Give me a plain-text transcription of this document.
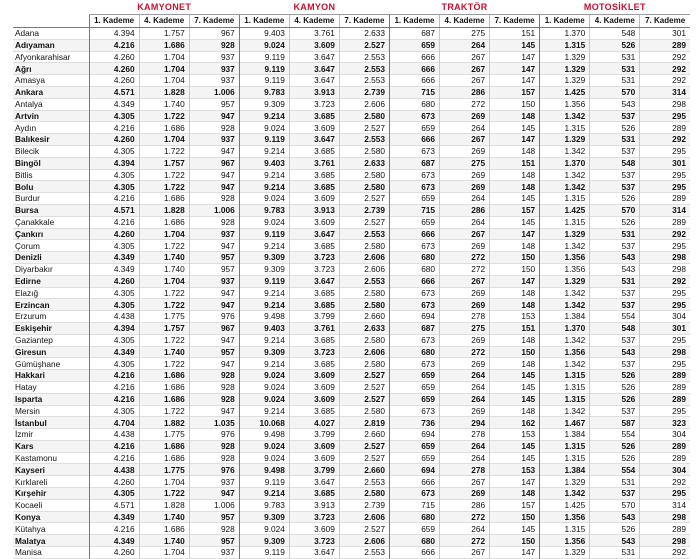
	KAMYONET			KAMYON			TRAKTÖR			MOTOSİKLET		
	1. Kademe	4. Kademe	7. Kademe	1. Kademe	4. Kademe	7. Kademe	1. Kademe	4. Kademe	7. Kademe	1. Kademe	4. Kademe	7. Kademe
Adana	4.394	1.757	967	9.403	3.761	2.633	687	275	151	1.370	548	301
Adıyaman	4.216	1.686	928	9.024	3.609	2.527	659	264	145	1.315	526	289
Afyonkarahisar	4.260	1.704	937	9.119	3.647	2.553	666	267	147	1.329	531	292
Ağrı	4.260	1.704	937	9.119	3.647	2.553	666	267	147	1.329	531	292
Amasya	4.260	1.704	937	9.119	3.647	2.553	666	267	147	1.329	531	292
Ankara	4.571	1.828	1.006	9.783	3.913	2.739	715	286	157	1.425	570	314
Antalya	4.349	1.740	957	9.309	3.723	2.606	680	272	150	1.356	543	298
Artvin	4.305	1.722	947	9.214	3.685	2.580	673	269	148	1.342	537	295
Aydın	4.216	1.686	928	9.024	3.609	2.527	659	264	145	1.315	526	289
Balıkesir	4.260	1.704	937	9.119	3.647	2.553	666	267	147	1.329	531	292
Bilecik	4.305	1.722	947	9.214	3.685	2.580	673	269	148	1.342	537	295
Bingöl	4.394	1.757	967	9.403	3.761	2.633	687	275	151	1.370	548	301
Bitlis	4.305	1.722	947	9.214	3.685	2.580	673	269	148	1.342	537	295
Bolu	4.305	1.722	947	9.214	3.685	2.580	673	269	148	1.342	537	295
Burdur	4.216	1.686	928	9.024	3.609	2.527	659	264	145	1.315	526	289
Bursa	4.571	1.828	1.006	9.783	3.913	2.739	715	286	157	1.425	570	314
Çanakkale	4.216	1.686	928	9.024	3.609	2.527	659	264	145	1.315	526	289
Çankırı	4.260	1.704	937	9.119	3.647	2.553	666	267	147	1.329	531	292
Çorum	4.305	1.722	947	9.214	3.685	2.580	673	269	148	1.342	537	295
Denizli	4.349	1.740	957	9.309	3.723	2.606	680	272	150	1.356	543	298
Diyarbakır	4.349	1.740	957	9.309	3.723	2.606	680	272	150	1.356	543	298
Edirne	4.260	1.704	937	9.119	3.647	2.553	666	267	147	1.329	531	292
Elazığ	4.305	1.722	947	9.214	3.685	2.580	673	269	148	1.342	537	295
Erzincan	4.305	1.722	947	9.214	3.685	2.580	673	269	148	1.342	537	295
Erzurum	4.438	1.775	976	9.498	3.799	2.660	694	278	153	1.384	554	304
Eskişehir	4.394	1.757	967	9.403	3.761	2.633	687	275	151	1.370	548	301
Gaziantep	4.305	1.722	947	9.214	3.685	2.580	673	269	148	1.342	537	295
Giresun	4.349	1.740	957	9.309	3.723	2.606	680	272	150	1.356	543	298
Gümüşhane	4.305	1.722	947	9.214	3.685	2.580	673	269	148	1.342	537	295
Hakkari	4.216	1.686	928	9.024	3.609	2.527	659	264	145	1.315	526	289
Hatay	4.216	1.686	928	9.024	3.609	2.527	659	264	145	1.315	526	289
Isparta	4.216	1.686	928	9.024	3.609	2.527	659	264	145	1.315	526	289
Mersin	4.305	1.722	947	9.214	3.685	2.580	673	269	148	1.342	537	295
İstanbul	4.704	1.882	1.035	10.068	4.027	2.819	736	294	162	1.467	587	323
İzmir	4.438	1.775	976	9.498	3.799	2.660	694	278	153	1.384	554	304
Kars	4.216	1.686	928	9.024	3.609	2.527	659	264	145	1.315	526	289
Kastamonu	4.216	1.686	928	9.024	3.609	2.527	659	264	145	1.315	526	289
Kayseri	4.438	1.775	976	9.498	3.799	2.660	694	278	153	1.384	554	304
Kırklareli	4.260	1.704	937	9.119	3.647	2.553	666	267	147	1.329	531	292
Kırşehir	4.305	1.722	947	9.214	3.685	2.580	673	269	148	1.342	537	295
Kocaeli	4.571	1.828	1.006	9.783	3.913	2.739	715	286	157	1.425	570	314
Konya	4.349	1.740	957	9.309	3.723	2.606	680	272	150	1.356	543	298
Kütahya	4.216	1.686	928	9.024	3.609	2.527	659	264	145	1.315	526	289
Malatya	4.349	1.740	957	9.309	3.723	2.606	680	272	150	1.356	543	298
Manisa	4.260	1.704	937	9.119	3.647	2.553	666	267	147	1.329	531	292
